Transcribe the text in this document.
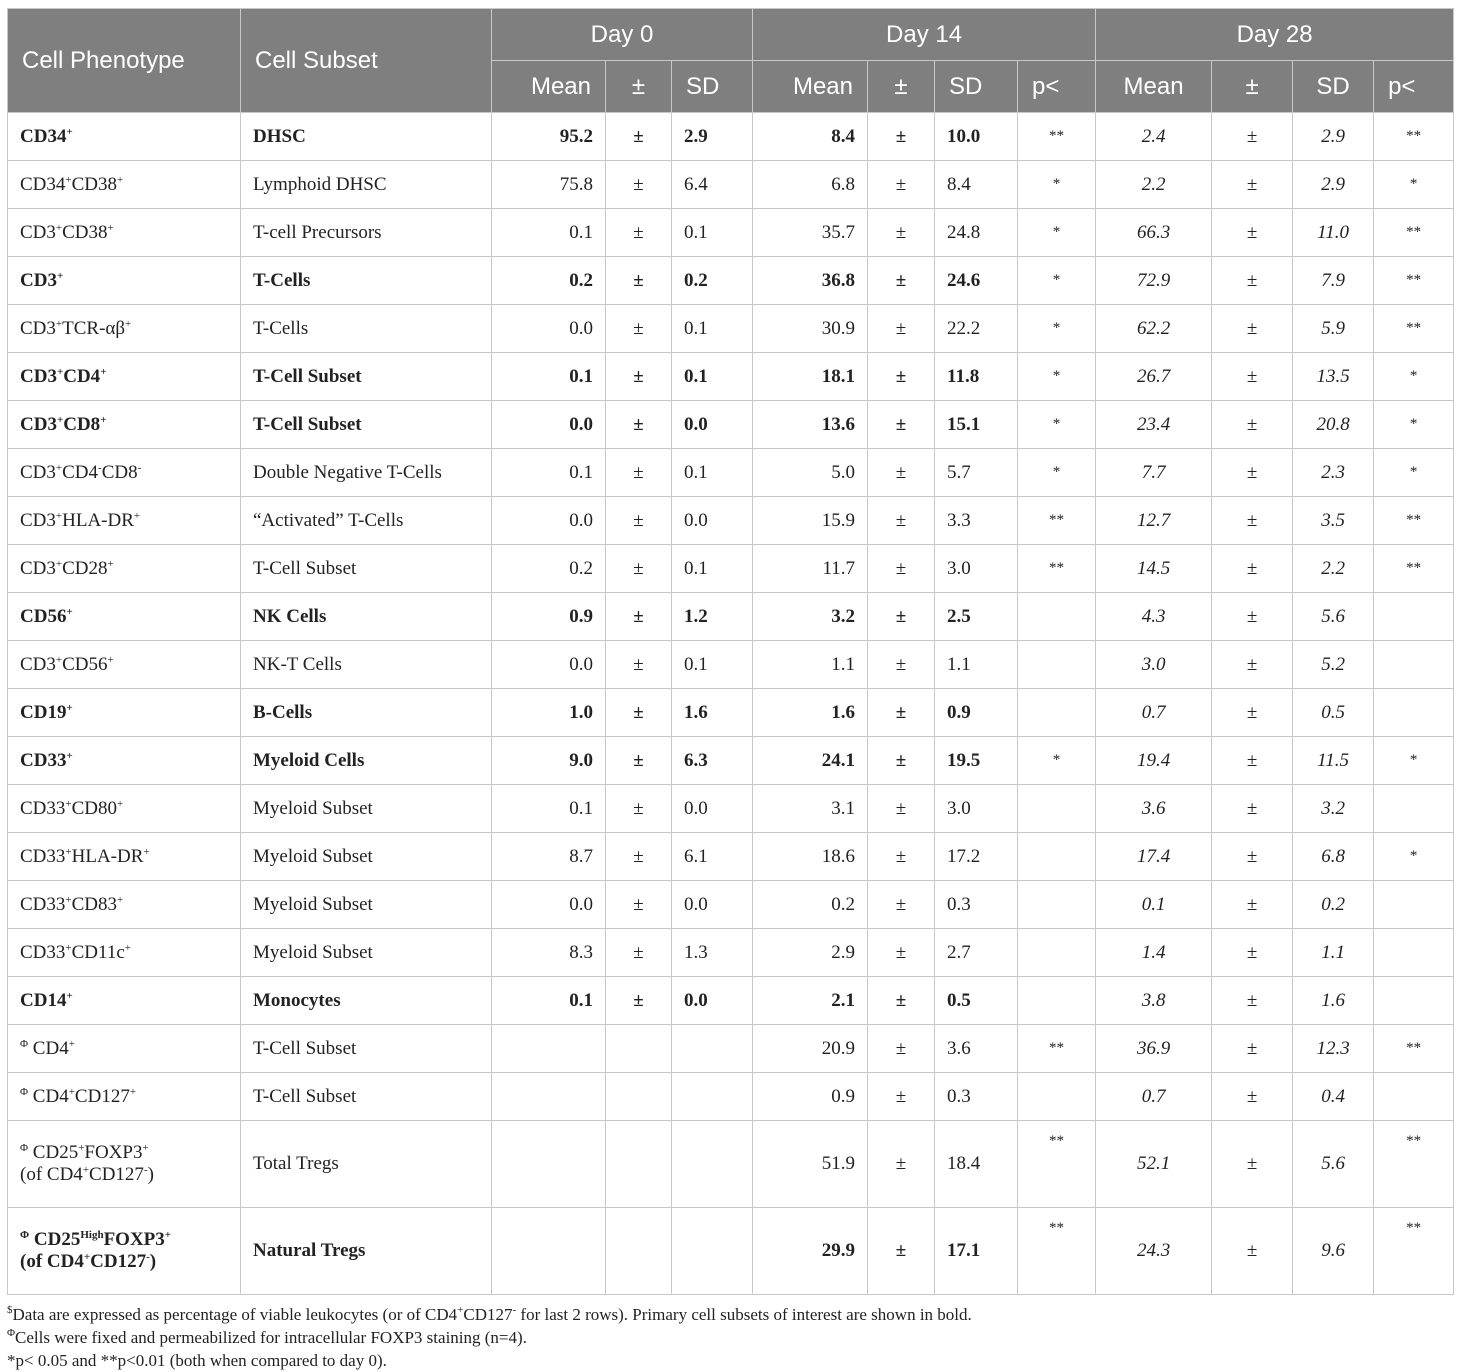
Cell Phenotype	Cell Subset	Day 0			Day 14				Day 28			
		Mean	±	SD	Mean	±	SD	p<	Mean	±	SD	p<
CD34+	DHSC	95.2	±	2.9	8.4	±	10.0	**	2.4	±	2.9	**
CD34+CD38+	Lymphoid DHSC	75.8	±	6.4	6.8	±	8.4	*	2.2	±	2.9	*
CD3+CD38+	T-cell Precursors	0.1	±	0.1	35.7	±	24.8	*	66.3	±	11.0	**
CD3+	T-Cells	0.2	±	0.2	36.8	±	24.6	*	72.9	±	7.9	**
CD3+TCR-αβ+	T-Cells	0.0	±	0.1	30.9	±	22.2	*	62.2	±	5.9	**
CD3+CD4+	T-Cell Subset	0.1	±	0.1	18.1	±	11.8	*	26.7	±	13.5	*
CD3+CD8+	T-Cell Subset	0.0	±	0.0	13.6	±	15.1	*	23.4	±	20.8	*
CD3+CD4-CD8-	Double Negative T-Cells	0.1	±	0.1	5.0	±	5.7	*	7.7	±	2.3	*
CD3+HLA-DR+	“Activated” T-Cells	0.0	±	0.0	15.9	±	3.3	**	12.7	±	3.5	**
CD3+CD28+	T-Cell Subset	0.2	±	0.1	11.7	±	3.0	**	14.5	±	2.2	**
CD56+	NK Cells	0.9	±	1.2	3.2	±	2.5		4.3	±	5.6	
CD3+CD56+	NK-T Cells	0.0	±	0.1	1.1	±	1.1		3.0	±	5.2	
CD19+	B-Cells	1.0	±	1.6	1.6	±	0.9		0.7	±	0.5	
CD33+	Myeloid Cells	9.0	±	6.3	24.1	±	19.5	*	19.4	±	11.5	*
CD33+CD80+	Myeloid Subset	0.1	±	0.0	3.1	±	3.0		3.6	±	3.2	
CD33+HLA-DR+	Myeloid Subset	8.7	±	6.1	18.6	±	17.2		17.4	±	6.8	*
CD33+CD83+	Myeloid Subset	0.0	±	0.0	0.2	±	0.3		0.1	±	0.2	
CD33+CD11c+	Myeloid Subset	8.3	±	1.3	2.9	±	2.7		1.4	±	1.1	
CD14+	Monocytes	0.1	±	0.0	2.1	±	0.5		3.8	±	1.6	
$^\Phi$ CD4+	T-Cell Subset				20.9	±	3.6	**	36.9	±	12.3	**
$^\Phi$ CD4+CD127+	T-Cell Subset				0.9	±	0.3		0.7	±	0.4	
$^\Phi$ CD25+FOXP3+
(of CD4+CD127-)	Total Tregs				51.9	±	18.4	**	52.1	±	5.6	**
$^\Phi$ $CD25^{High}FOXP3^+$
(of CD4+CD127-)	Natural Tregs				29.9	±	17.1	**	24.3	±	9.6	**
$Data are expressed as percentage of viable leukocytes (or of CD4+CD127- for last 2 rows). Primary cell subsets of interest are shown in bold.
$^\Phi$Cells were fixed and permeabilized for intracellular FOXP3 staining (n=4).
*p< 0.05 and **p<0.01 (both when compared to day 0).
